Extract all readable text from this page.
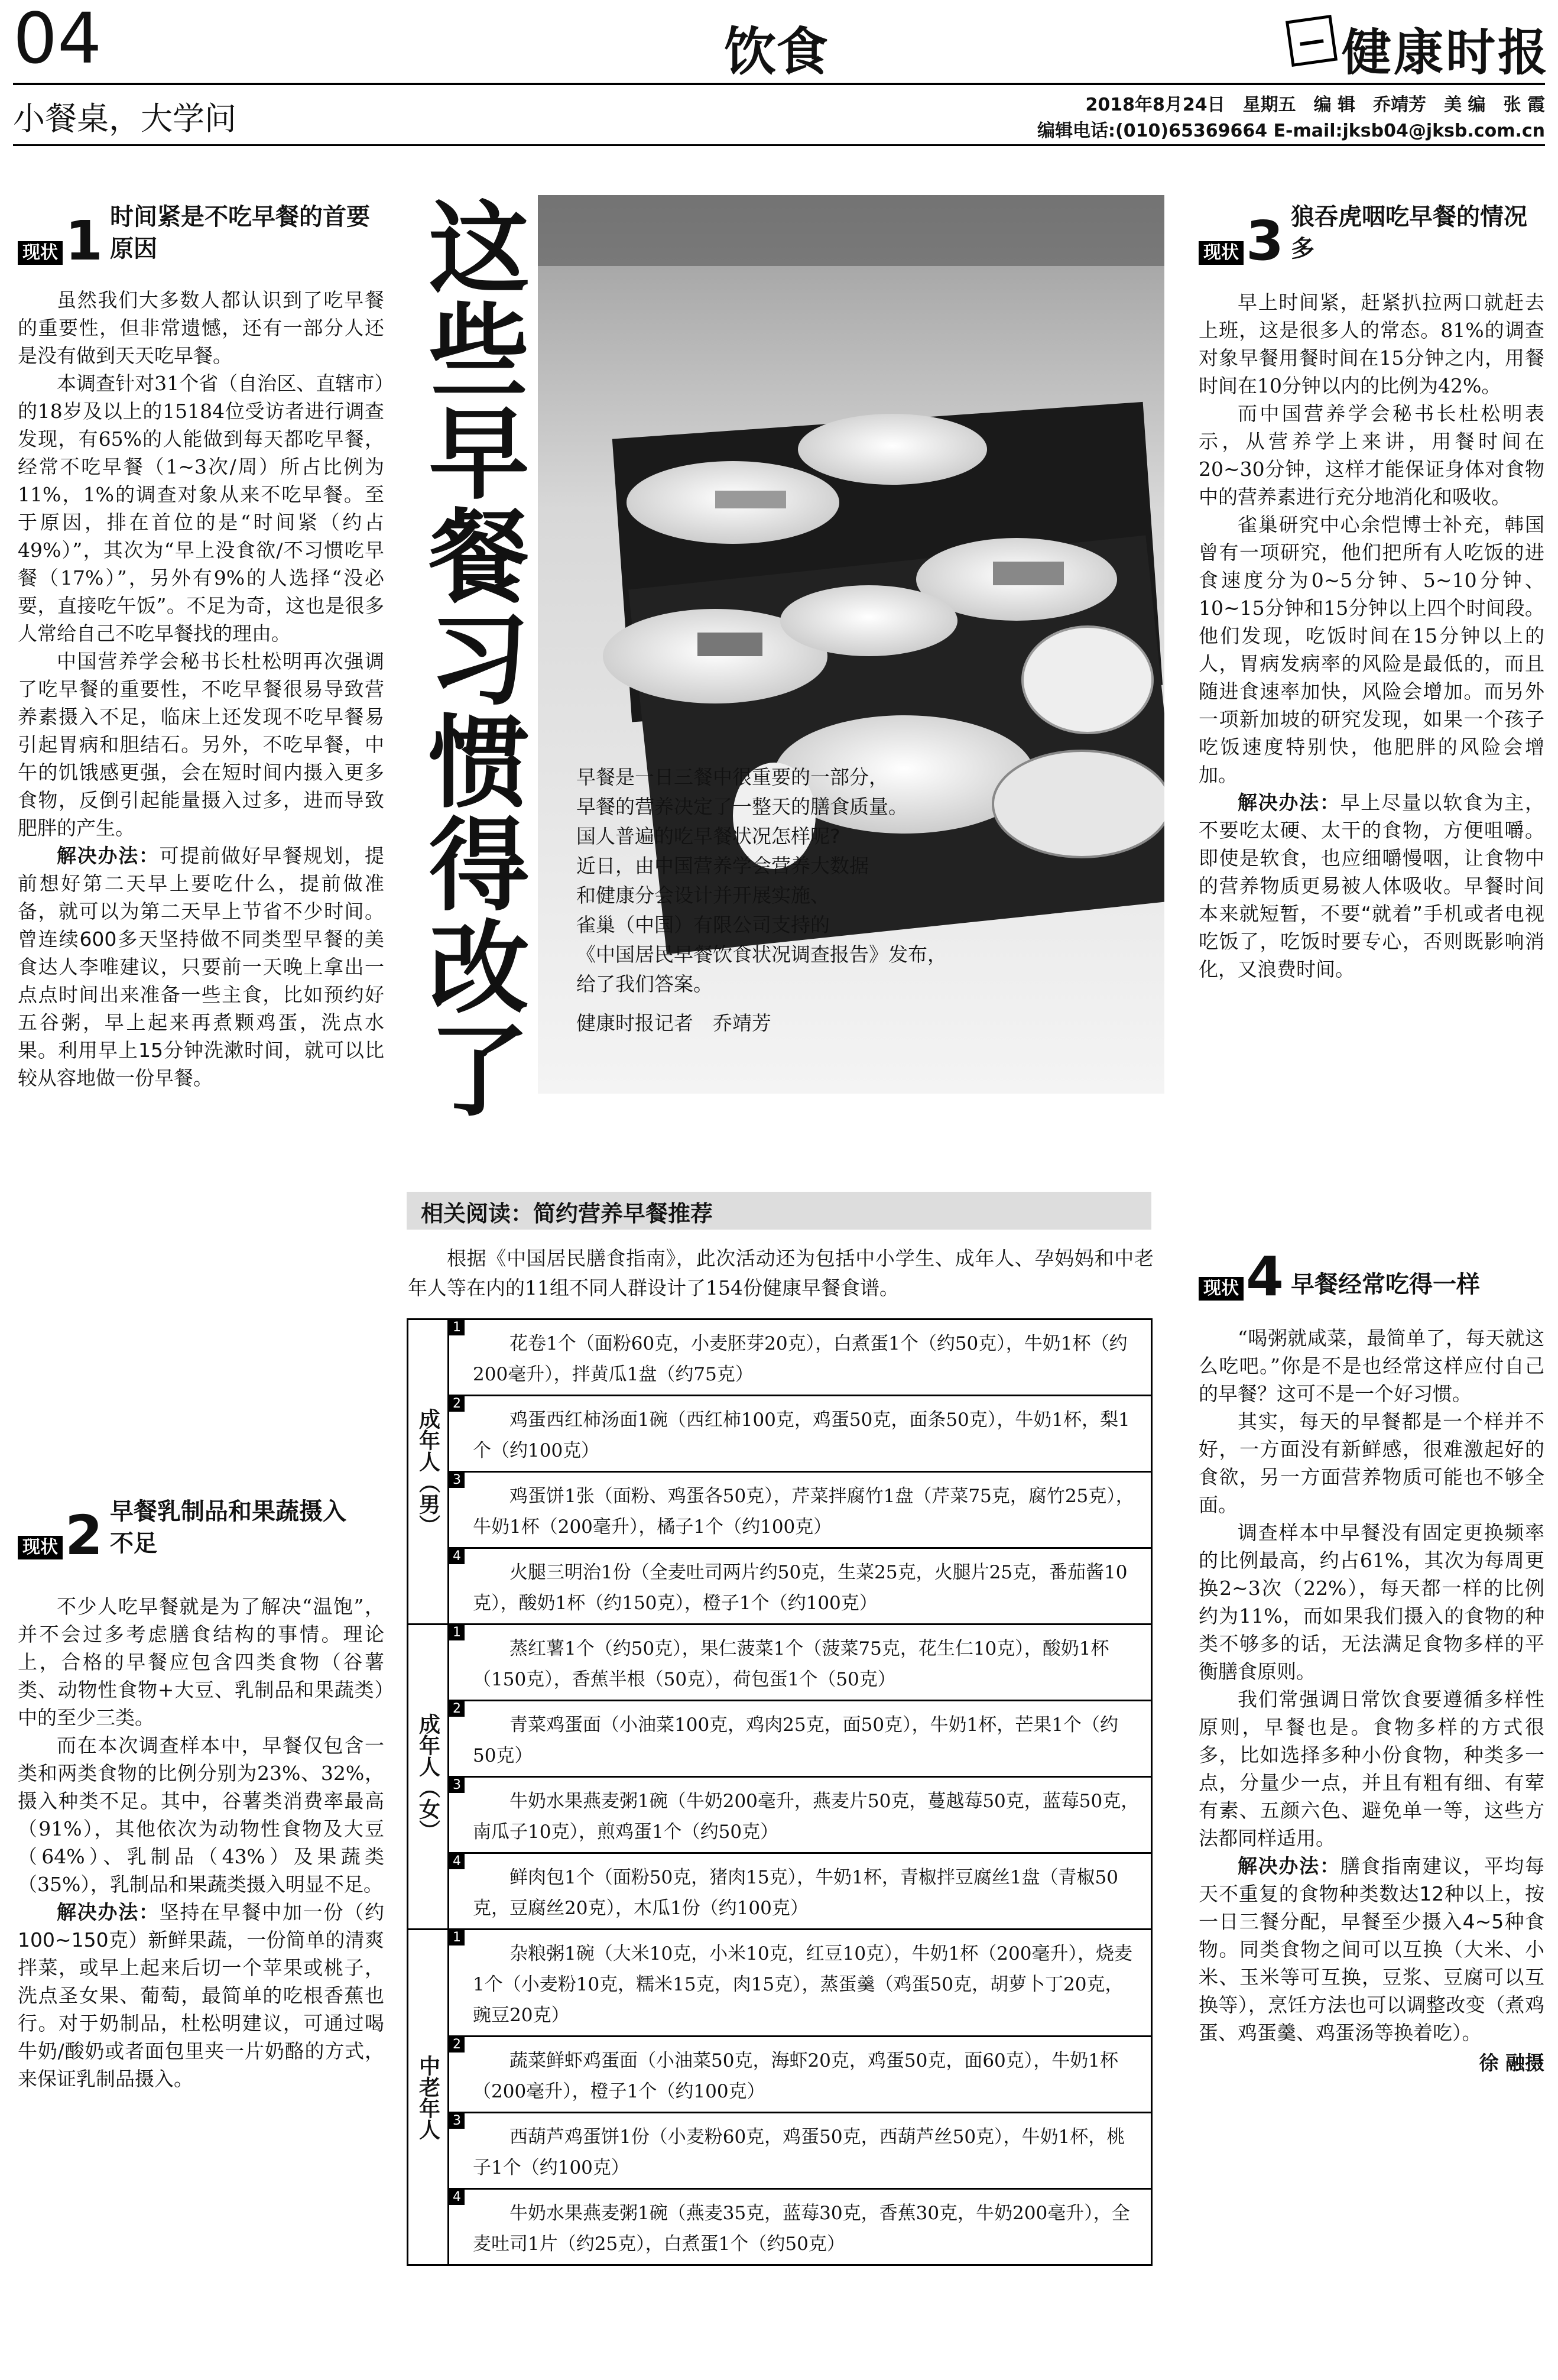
04	饮食	健康时报
小餐桌，大学问	2018年8月24日　星期五　编 辑　乔靖芳　美 编　张 霞
编辑电话:(010)65369664 E-mail:jksb04@jksb.com.cn
现状 1 时间紧是不吃早餐的首要原因

虽然我们大多数人都认识到了吃早餐的重要性，但非常遗憾，还有一部分人还是没有做到天天吃早餐。

本调查针对31个省（自治区、直辖市）的18岁及以上的15184位受访者进行调查发现，有65%的人能做到每天都吃早餐，经常不吃早餐（1~3次/周）所占比例为11%，1%的调查对象从来不吃早餐。至于原因，排在首位的是“时间紧（约占49%）”，其次为“早上没食欲/不习惯吃早餐（17%）”，另外有9%的人选择“没必要，直接吃午饭”。不足为奇，这也是很多人常给自己不吃早餐找的理由。

中国营养学会秘书长杜松明再次强调了吃早餐的重要性，不吃早餐很易导致营养素摄入不足，临床上还发现不吃早餐易引起胃病和胆结石。另外，不吃早餐，中午的饥饿感更强，会在短时间内摄入更多食物，反倒引起能量摄入过多，进而导致肥胖的产生。

解决办法：可提前做好早餐规划，提前想好第二天早上要吃什么，提前做准备，就可以为第二天早上节省不少时间。曾连续600多天坚持做不同类型早餐的美食达人李唯建议，只要前一天晚上拿出一点点时间出来准备一些主食，比如预约好五谷粥，早上起来再煮颗鸡蛋，洗点水果。利用早上15分钟洗漱时间，就可以比较从容地做一份早餐。

现状 2 早餐乳制品和果蔬摄入不足

不少人吃早餐就是为了解决“温饱”，并不会过多考虑膳食结构的事情。理论上，合格的早餐应包含四类食物（谷薯类、动物性食物+大豆、乳制品和果蔬类）中的至少三类。

而在本次调查样本中，早餐仅包含一类和两类食物的比例分别为23%、32%，摄入种类不足。其中，谷薯类消费率最高（91%），其他依次为动物性食物及大豆（64%）、乳制品（43%）及果蔬类（35%），乳制品和果蔬类摄入明显不足。

解决办法：坚持在早餐中加一份（约100~150克）新鲜果蔬，一份简单的清爽拌菜，或早上起来后切一个苹果或桃子，洗点圣女果、葡萄，最简单的吃根香蕉也行。对于奶制品，杜松明建议，可通过喝牛奶/酸奶或者面包里夹一片奶酪的方式，来保证乳制品摄入。

这些早餐习惯得改了 早餐是一日三餐中很重要的一部分，
早餐的营养决定了一整天的膳食质量。
国人普遍的吃早餐状况怎样呢?
近日，由中国营养学会营养大数据
和健康分会设计并开展实施、
雀巢（中国）有限公司支持的
《中国居民早餐饮食状况调查报告》发布，
给了我们答案。
健康时报记者　乔靖芳
现状 3 狼吞虎咽吃早餐的情况多

早上时间紧，赶紧扒拉两口就赶去上班，这是很多人的常态。81%的调查对象早餐用餐时间在15分钟之内，用餐时间在10分钟以内的比例为42%。

而中国营养学会秘书长杜松明表示，从营养学上来讲，用餐时间在20~30分钟，这样才能保证身体对食物中的营养素进行充分地消化和吸收。

雀巢研究中心余恺博士补充，韩国曾有一项研究，他们把所有人吃饭的进食速度分为0~5分钟、5~10分钟、10~15分钟和15分钟以上四个时间段。他们发现，吃饭时间在15分钟以上的人，胃病发病率的风险是最低的，而且随进食速率加快，风险会增加。而另外一项新加坡的研究发现，如果一个孩子吃饭速度特别快，他肥胖的风险会增加。

解决办法：早上尽量以软食为主，不要吃太硬、太干的食物，方便咀嚼。即使是软食，也应细嚼慢咽，让食物中的营养物质更易被人体吸收。早餐时间本来就短暂，不要“就着”手机或者电视吃饭了，吃饭时要专心，否则既影响消化，又浪费时间。

现状 4 早餐经常吃得一样

“喝粥就咸菜，最简单了，每天就这么吃吧。”你是不是也经常这样应付自己的早餐？这可不是一个好习惯。

其实，每天的早餐都是一个样并不好，一方面没有新鲜感，很难激起好的食欲，另一方面营养物质可能也不够全面。

调查样本中早餐没有固定更换频率的比例最高，约占61%，其次为每周更换2~3次（22%），每天都一样的比例约为11%，而如果我们摄入的食物的种类不够多的话，无法满足食物多样的平衡膳食原则。

我们常强调日常饮食要遵循多样性原则，早餐也是。食物多样的方式很多，比如选择多种小份食物，种类多一点，分量少一点，并且有粗有细、有荤有素、五颜六色、避免单一等，这些方法都同样适用。

解决办法：膳食指南建议，平均每天不重复的食物种类数达12种以上，按一日三餐分配，早餐至少摄入4~5种食物。同类食物之间可以互换（大米、小米、玉米等可互换，豆浆、豆腐可以互换等），烹饪方法也可以调整改变（煮鸡蛋、鸡蛋羹、鸡蛋汤等换着吃）。

徐 融摄
相关阅读：简约营养早餐推荐
根据《中国居民膳食指南》，此次活动还为包括中小学生、成年人、孕妈妈和中老年人等在内的11组不同人群设计了154份健康早餐食谱。
成年人（男）	1
花卷1个（面粉60克，小麦胚芽20克），白煮蛋1个（约50克），牛奶1杯（约200毫升），拌黄瓜1盘（约75克）

	2
鸡蛋西红柿汤面1碗（西红柿100克，鸡蛋50克，面条50克），牛奶1杯，梨1个（约100克）

	3
鸡蛋饼1张（面粉、鸡蛋各50克），芹菜拌腐竹1盘（芹菜75克，腐竹25克），牛奶1杯（200毫升），橘子1个（约100克）

	4
火腿三明治1份（全麦吐司两片约50克，生菜25克，火腿片25克，番茄酱10克），酸奶1杯（约150克），橙子1个（约100克）
成年人（女）	1
蒸红薯1个（约50克），果仁菠菜1个（菠菜75克，花生仁10克），酸奶1杯（150克），香蕉半根（50克），荷包蛋1个（50克）

	2
青菜鸡蛋面（小油菜100克，鸡肉25克，面50克），牛奶1杯，芒果1个（约50克）

	3
牛奶水果燕麦粥1碗（牛奶200毫升，燕麦片50克，蔓越莓50克，蓝莓50克，南瓜子10克），煎鸡蛋1个（约50克）

	4
鲜肉包1个（面粉50克，猪肉15克），牛奶1杯，青椒拌豆腐丝1盘（青椒50克，豆腐丝20克），木瓜1份（约100克）
中老年人	1
杂粮粥1碗（大米10克，小米10克，红豆10克），牛奶1杯（200毫升），烧麦1个（小麦粉10克，糯米15克，肉15克），蒸蛋羹（鸡蛋50克，胡萝卜丁20克，豌豆20克）

	2
蔬菜鲜虾鸡蛋面（小油菜50克，海虾20克，鸡蛋50克，面60克），牛奶1杯（200毫升），橙子1个（约100克）

	3
西葫芦鸡蛋饼1份（小麦粉60克，鸡蛋50克，西葫芦丝50克），牛奶1杯，桃子1个（约100克）

	4
牛奶水果燕麦粥1碗（燕麦35克，蓝莓30克，香蕉30克，牛奶200毫升），全麦吐司1片（约25克），白煮蛋1个（约50克）
